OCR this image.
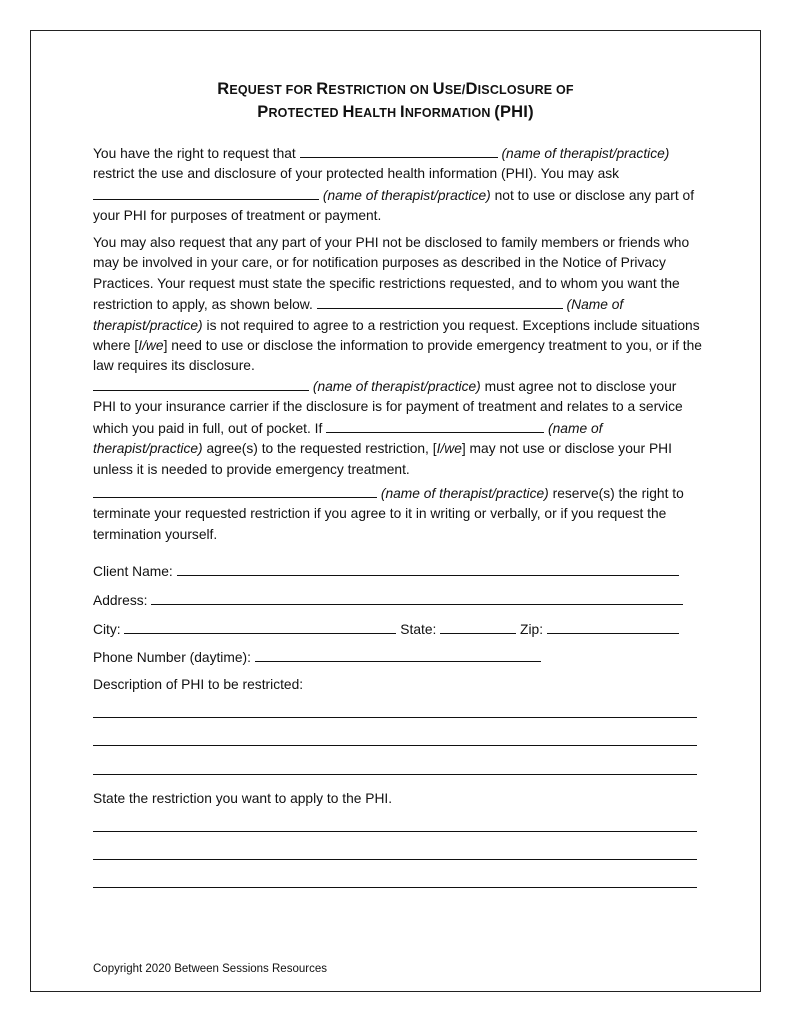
REQUEST FOR RESTRICTION ON USE/DISCLOSURE OF
PROTECTED HEALTH INFORMATION (PHI)
You have the right to request that	(name of therapist/practice) restrict the use and disclosure of your protected health information (PHI). You may ask  (name of therapist/practice) not to use or disclose any part of your PHI for purposes of treatment or payment.
You may also request that any part of your PHI not be disclosed to family members or friends who may be involved in your care, or for notification purposes as described in the Notice of Privacy Practices. Your request must state the specific restrictions requested, and to whom you want the restriction to apply, as shown below.	(Name of therapist/practice) is not required to agree to a restriction you request. Exceptions include situations where [I/we] need to use or disclose the information to provide emergency treatment to you, or if the law requires its disclosure.
(name of therapist/practice) must agree not to disclose your PHI to your insurance carrier if the disclosure is for payment of treatment and relates to a service which you paid in full, out of pocket. If	(name of therapist/practice) agree(s) to the requested restriction, [I/we] may not use or disclose your PHI unless it is needed to provide emergency treatment.
(name of therapist/practice) reserve(s) the right to terminate your requested restriction if you agree to it in writing or verbally, or if you request the termination yourself.
Client Name:
Address:
City:	State:	Zip:
Phone Number (daytime):
Description of PHI to be restricted:
State the restriction you want to apply to the PHI.
Copyright 2020 Between Sessions Resources
